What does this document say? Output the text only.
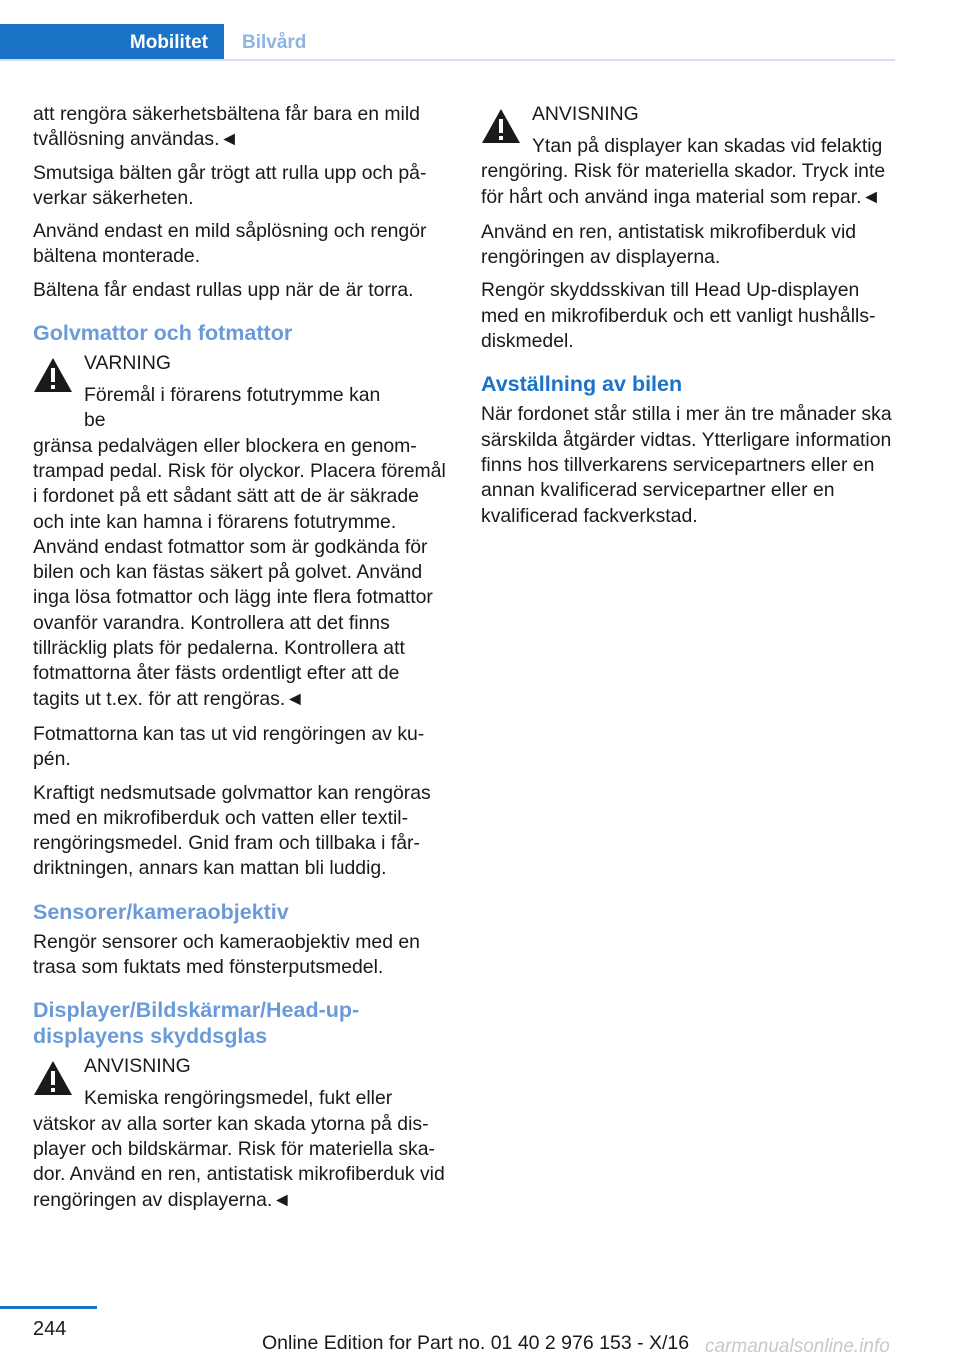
Mobilitet	Bilvård

att rengöra säkerhetsbältena får bara en mild tvållösning användas.◄

Smutsiga bälten går trögt att rulla upp och påverkar säkerheten.

Använd endast en mild såplösning och rengör bältena monterade.

Bältena får endast rullas upp när de är torra.

Golvmattor och fotmattor
VARNING
Föremål i förarens fotutrymme kan be
gränsa pedalvägen eller blockera en genomtrampad pedal. Risk för olyckor. Placera föremål i fordonet på ett sådant sätt att de är säkrade och inte kan hamna i förarens fotutrymme. Använd endast fotmattor som är godkända för bilen och kan fästas säkert på golvet. Använd inga lösa fotmattor och lägg inte flera fotmattor ovanför varandra. Kontrollera att det finns tillräcklig plats för pedalerna. Kontrollera att fotmattorna åter fästs ordentligt efter att de tagits ut t.ex. för att rengöras.◄

Fotmattorna kan tas ut vid rengöringen av kupén.

Kraftigt nedsmutsade golvmattor kan rengöras med en mikrofiberduk och vatten eller textilrengöringsmedel. Gnid fram och tillbaka i fårdriktningen, annars kan mattan bli luddig.

Sensorer/kameraobjektiv

Rengör sensorer och kameraobjektiv med en trasa som fuktats med fönsterputsmedel.

Displayer/Bildskärmar/Head-up-displayens skyddsglas
ANVISNING
Kemiska rengöringsmedel, fukt eller
vätskor av alla sorter kan skada ytorna på displayer och bildskärmar. Risk för materiella skador. Använd en ren, antistatisk mikrofiberduk vid rengöringen av displayerna.◄
ANVISNING
Ytan på displayer kan skadas vid felaktig
rengöring. Risk för materiella skador. Tryck inte för hårt och använd inga material som repar.◄

Använd en ren, antistatisk mikrofiberduk vid rengöringen av displayerna.

Rengör skyddsskivan till Head Up-displayen med en mikrofiberduk och ett vanligt hushållsdiskmedel.

Avställning av bilen

När fordonet står stilla i mer än tre månader ska särskilda åtgärder vidtas. Ytterligare information finns hos tillverkarens servicepartners eller en annan kvalificerad servicepartner eller en kvalificerad fackverkstad.

244
Online Edition for Part no. 01 40 2 976 153 - X/16 carmanualsonline.info
